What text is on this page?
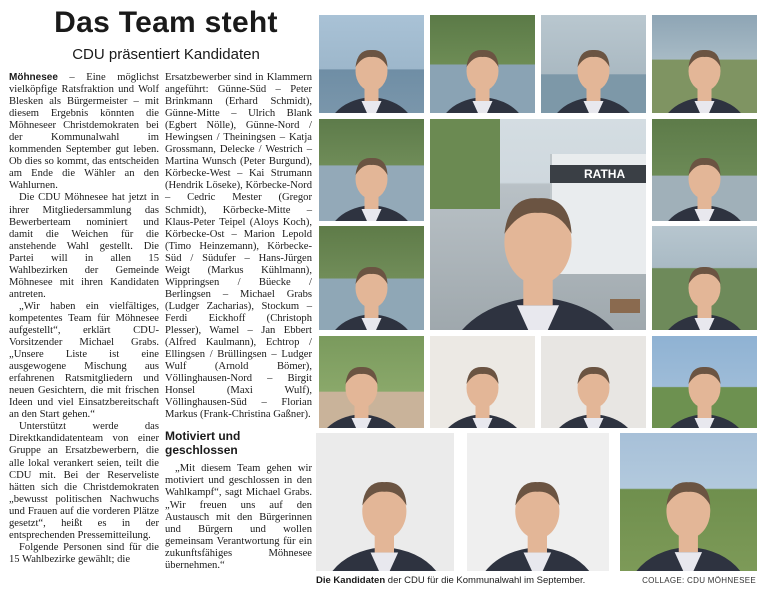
Das Team steht
CDU präsentiert Kandidaten

Möhnesee – Eine möglichst vielköpfige Ratsfraktion und Wolf Blesken als Bürgermeister – mit diesem Ergebnis könnten die Möhneseer Christdemokraten bei der Kommunalwahl im kommenden September gut leben. Ob dies so kommt, das entscheiden am Ende die Wähler an den Wahlurnen.

Die CDU Möhnesee hat jetzt in ihrer Mitgliedersammlung das Bewerberteam nominiert und damit die Weichen für die anstehende Wahl gestellt. Die Partei will in allen 15 Wahlbezirken der Gemeinde Möhnesee mit ihren Kandidaten antreten.

„Wir haben ein vielfältiges, kompetentes Team für Möhnesee aufgestellt“, erklärt CDU-Vorsitzender Michael Grabs. „Unsere Liste ist eine ausgewogene Mischung aus erfahrenen Ratsmitgliedern und neuen Gesichtern, die mit frischen Ideen und viel Einsatzbereitschaft an den Start gehen.“

Unterstützt werde das Direktkandidatenteam von einer Gruppe an Ersatzbewerbern, die alle lokal verankert seien, teilt die CDU mit. Bei der Reserveliste hätten sich die Christdemokraten „bewusst politischen Nachwuchs und Frauen auf die vorderen Plätze gesetzt“, heißt es in der entsprechenden Pressemitteilung.

Folgende Personen sind für die 15 Wahlbezirke gewählt; die

Ersatzbewerber sind in Klammern angeführt: Günne-Süd – Peter Brinkmann (Erhard Schmidt), Günne-Mitte – Ulrich Blank (Egbert Nölle), Günne-Nord / Hewingsen / Theiningsen – Katja Grossmann, Delecke / Westrich – Martina Wunsch (Peter Burgund), Körbecke-West – Kai Strumann (Hendrik Löseke), Körbecke-Nord – Cedric Mester (Gregor Schmidt), Körbecke-Mitte – Klaus-Peter Teipel (Aloys Koch), Körbecke-Ost – Marion Lepold (Timo Heinzemann), Körbecke-Süd / Südufer – Hans-Jürgen Weigt (Markus Kühlmann), Wippringsen / Büecke / Berlingsen – Michael Grabs (Ludger Zacharias), Stockum – Ferdi Eickhoff (Christoph Plesser), Wamel – Jan Ebbert (Alfred Kaulmann), Echtrop / Ellingsen / Brüllingsen – Ludger Wulf (Arnold Bömer), Völlinghausen-Nord – Birgit Honsel (Maxi Wulf), Völlinghausen-Süd – Florian Markus (Frank-Christina Gaßner).

Motiviert und geschlossen

„Mit diesem Team gehen wir motiviert und geschlossen in den Wahlkampf“, sagt Michael Grabs. „Wir freuen uns auf den Austausch mit den Bürgerinnen und Bürgern und wollen gemeinsam Verantwortung für ein zukunftsfähiges Möhnesee übernehmen.“

RATHA
Die Kandidaten der CDU für die Kommunalwahl im September.	COLLAGE: CDU MÖHNESEE
